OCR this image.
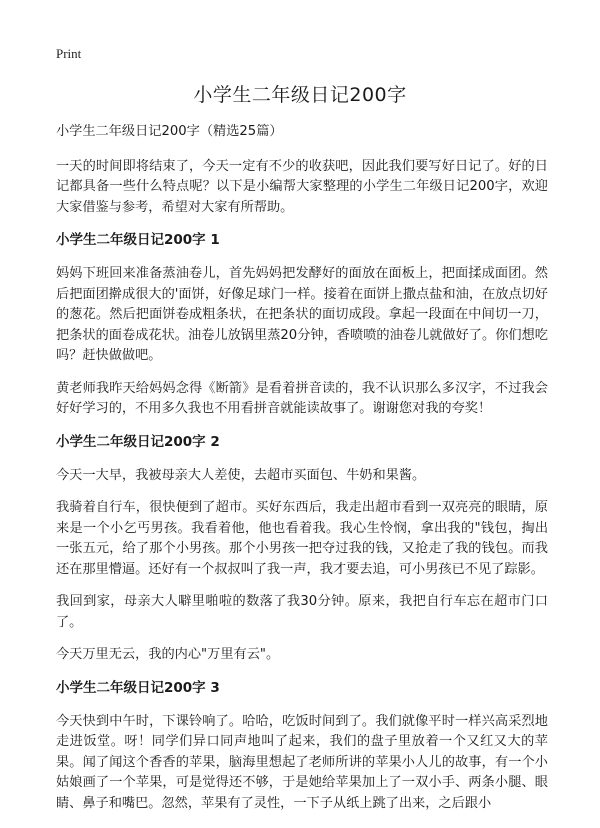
Print
小学生二年级日记200字

小学生二年级日记200字（精选25篇）

一天的时间即将结束了，今天一定有不少的收获吧，因此我们要写好日记了。好的日记都具备一些什么特点呢？以下是小编帮大家整理的小学生二年级日记200字，欢迎大家借鉴与参考，希望对大家有所帮助。

小学生二年级日记200字 1

妈妈下班回来准备蒸油卷儿，首先妈妈把发酵好的面放在面板上，把面揉成面团。然后把面团擀成很大的'面饼，好像足球门一样。接着在面饼上撒点盐和油，在放点切好的葱花。然后把面饼卷成粗条状，在把条状的面切成段。拿起一段面在中间切一刀，把条状的面卷成花状。油卷儿放锅里蒸20分钟，香喷喷的油卷儿就做好了。你们想吃吗？赶快做做吧。

黄老师我昨天给妈妈念得《断箭》是看着拼音读的，我不认识那么多汉字，不过我会好好学习的，不用多久我也不用看拼音就能读故事了。谢谢您对我的夸奖！

小学生二年级日记200字 2

今天一大早，我被母亲大人差使，去超市买面包、牛奶和果酱。

我骑着自行车，很快便到了超市。买好东西后，我走出超市看到一双亮亮的眼睛，原来是一个小乞丐男孩。我看着他，他也看着我。我心生怜悯，拿出我的"钱包，掏出一张五元，给了那个小男孩。那个小男孩一把夺过我的钱，又抢走了我的钱包。而我还在那里懵逼。还好有一个叔叔叫了我一声，我才要去追，可小男孩已不见了踪影。

我回到家，母亲大人噼里啪啦的数落了我30分钟。原来，我把自行车忘在超市门口了。

今天万里无云，我的内心"万里有云"。

小学生二年级日记200字 3

今天快到中午时，下课铃响了。哈哈，吃饭时间到了。我们就像平时一样兴高采烈地走进饭堂。呀！同学们异口同声地叫了起来，我们的盘子里放着一个又红又大的苹果。闻了闻这个香香的苹果，脑海里想起了老师所讲的苹果小人儿的故事，有一个小姑娘画了一个苹果，可是觉得还不够，于是她给苹果加上了一双小手、两条小腿、眼睛、鼻子和嘴巴。忽然，苹果有了灵性，一下子从纸上跳了出来，之后跟小
